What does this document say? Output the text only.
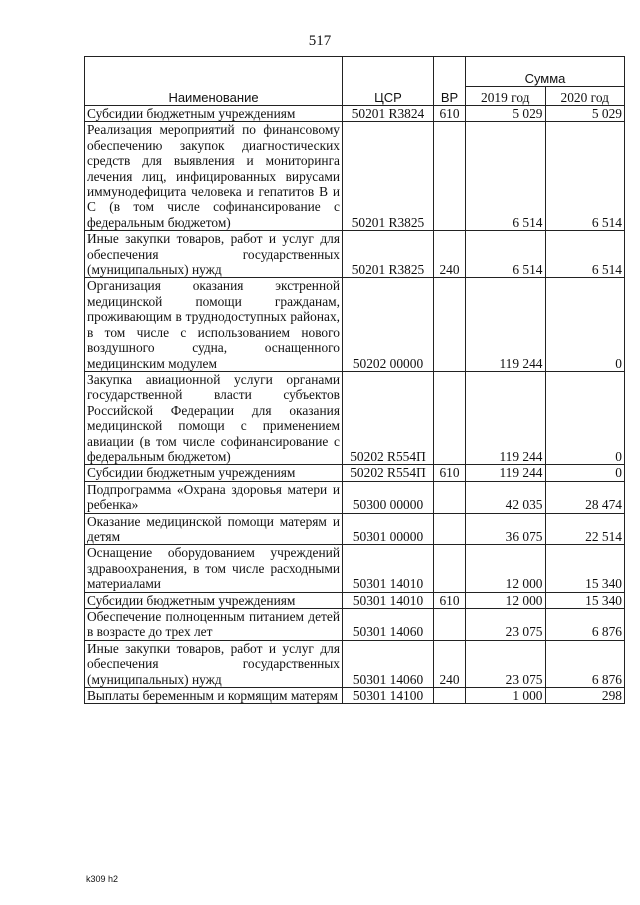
517
Наименование	ЦСР	ВР	Сумма	
			2019 год	2020 год
Субсидии бюджетным учреждениям	50201 R3824	610	5 029	5 029
Реализация мероприятий по финансовому обеспечению закупок диагностических средств для выявления и мониторинга лечения лиц, инфицированных вирусами иммунодефицита человека и гепатитов В и С (в том числе софинансирование с федеральным бюджетом)	50201 R3825		6 514	6 514
Иные закупки товаров, работ и услуг для обеспечения государственных (муниципальных) нужд	50201 R3825	240	6 514	6 514
Организация оказания экстренной медицинской помощи гражданам, проживающим в труднодоступных районах, в том числе с использованием нового воздушного судна, оснащенного медицинским модулем	50202 00000		119 244	0
Закупка авиационной услуги органами государственной власти субъектов Российской Федерации для оказания медицинской помощи с применением авиации (в том числе софинансирование с федеральным бюджетом)	50202 R554П		119 244	0
Субсидии бюджетным учреждениям	50202 R554П	610	119 244	0
Подпрограмма «Охрана здоровья матери и ребенка»	50300 00000		42 035	28 474
Оказание медицинской помощи матерям и детям	50301 00000		36 075	22 514
Оснащение оборудованием учреждений здравоохранения, в том числе расходными материалами	50301 14010		12 000	15 340
Субсидии бюджетным учреждениям	50301 14010	610	12 000	15 340
Обеспечение полноценным питанием детей в возрасте до трех лет	50301 14060		23 075	6 876
Иные закупки товаров, работ и услуг для обеспечения государственных (муниципальных) нужд	50301 14060	240	23 075	6 876
Выплаты беременным и кормящим матерям	50301 14100		1 000	298
k309 h2
